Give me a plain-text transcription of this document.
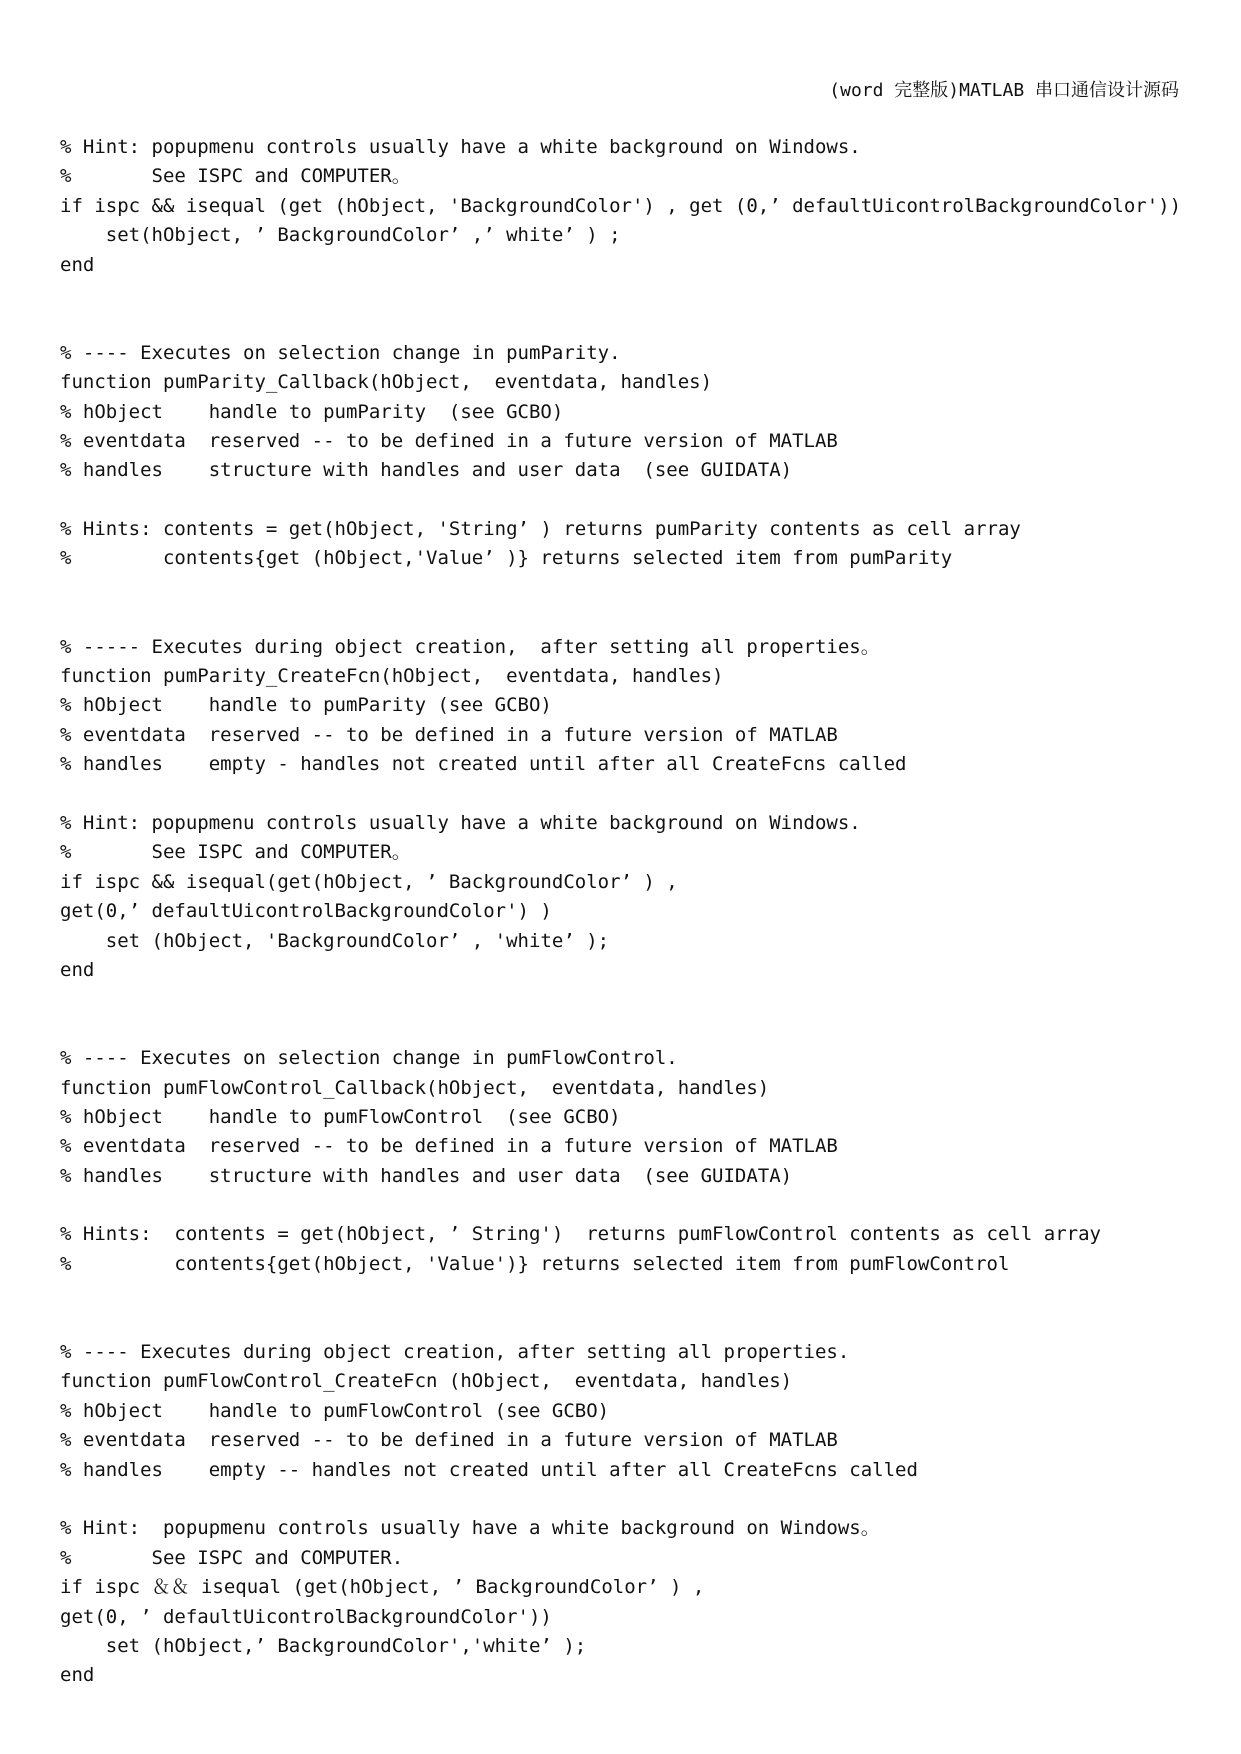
(word 完整版)MATLAB 串口通信设计源码
% Hint: popupmenu controls usually have a white background on Windows.
%       See ISPC and COMPUTER。
if ispc && isequal (get (hObject, 'BackgroundColor') , get (0,’ defaultUicontrolBackgroundColor'))
set(hObject, ’ BackgroundColor’ ,’ white’ ) ;
end
% ---- Executes on selection change in pumParity.
function pumParity_Callback(hObject,  eventdata, handles)
% hObject    handle to pumParity  (see GCBO)
% eventdata  reserved -- to be defined in a future version of MATLAB
% handles    structure with handles and user data  (see GUIDATA)
% Hints: contents = get(hObject, 'String’ ) returns pumParity contents as cell array
%        contents{get (hObject,'Value’ )} returns selected item from pumParity
% ----- Executes during object creation,  after setting all properties。
function pumParity_CreateFcn(hObject,  eventdata, handles)
% hObject    handle to pumParity (see GCBO)
% eventdata  reserved -- to be defined in a future version of MATLAB
% handles    empty - handles not created until after all CreateFcns called
% Hint: popupmenu controls usually have a white background on Windows.
%       See ISPC and COMPUTER。
if ispc && isequal(get(hObject, ’ BackgroundColor’ ) ,
get(0,’ defaultUicontrolBackgroundColor') )
set (hObject, 'BackgroundColor’ , 'white’ );
end
% ---- Executes on selection change in pumFlowControl.
function pumFlowControl_Callback(hObject,  eventdata, handles)
% hObject    handle to pumFlowControl  (see GCBO)
% eventdata  reserved -- to be defined in a future version of MATLAB
% handles    structure with handles and user data  (see GUIDATA)
% Hints:  contents = get(hObject, ’ String')  returns pumFlowControl contents as cell array
%         contents{get(hObject, 'Value')} returns selected item from pumFlowControl
% ---- Executes during object creation, after setting all properties.
function pumFlowControl_CreateFcn (hObject,  eventdata, handles)
% hObject    handle to pumFlowControl (see GCBO)
% eventdata  reserved -- to be defined in a future version of MATLAB
% handles    empty -- handles not created until after all CreateFcns called
% Hint:  popupmenu controls usually have a white background on Windows。
%       See ISPC and COMPUTER.
if ispc ＆＆ isequal (get(hObject, ’ BackgroundColor’ ) ,
get(0, ’ defaultUicontrolBackgroundColor'))
set (hObject,’ BackgroundColor','white’ );
end
